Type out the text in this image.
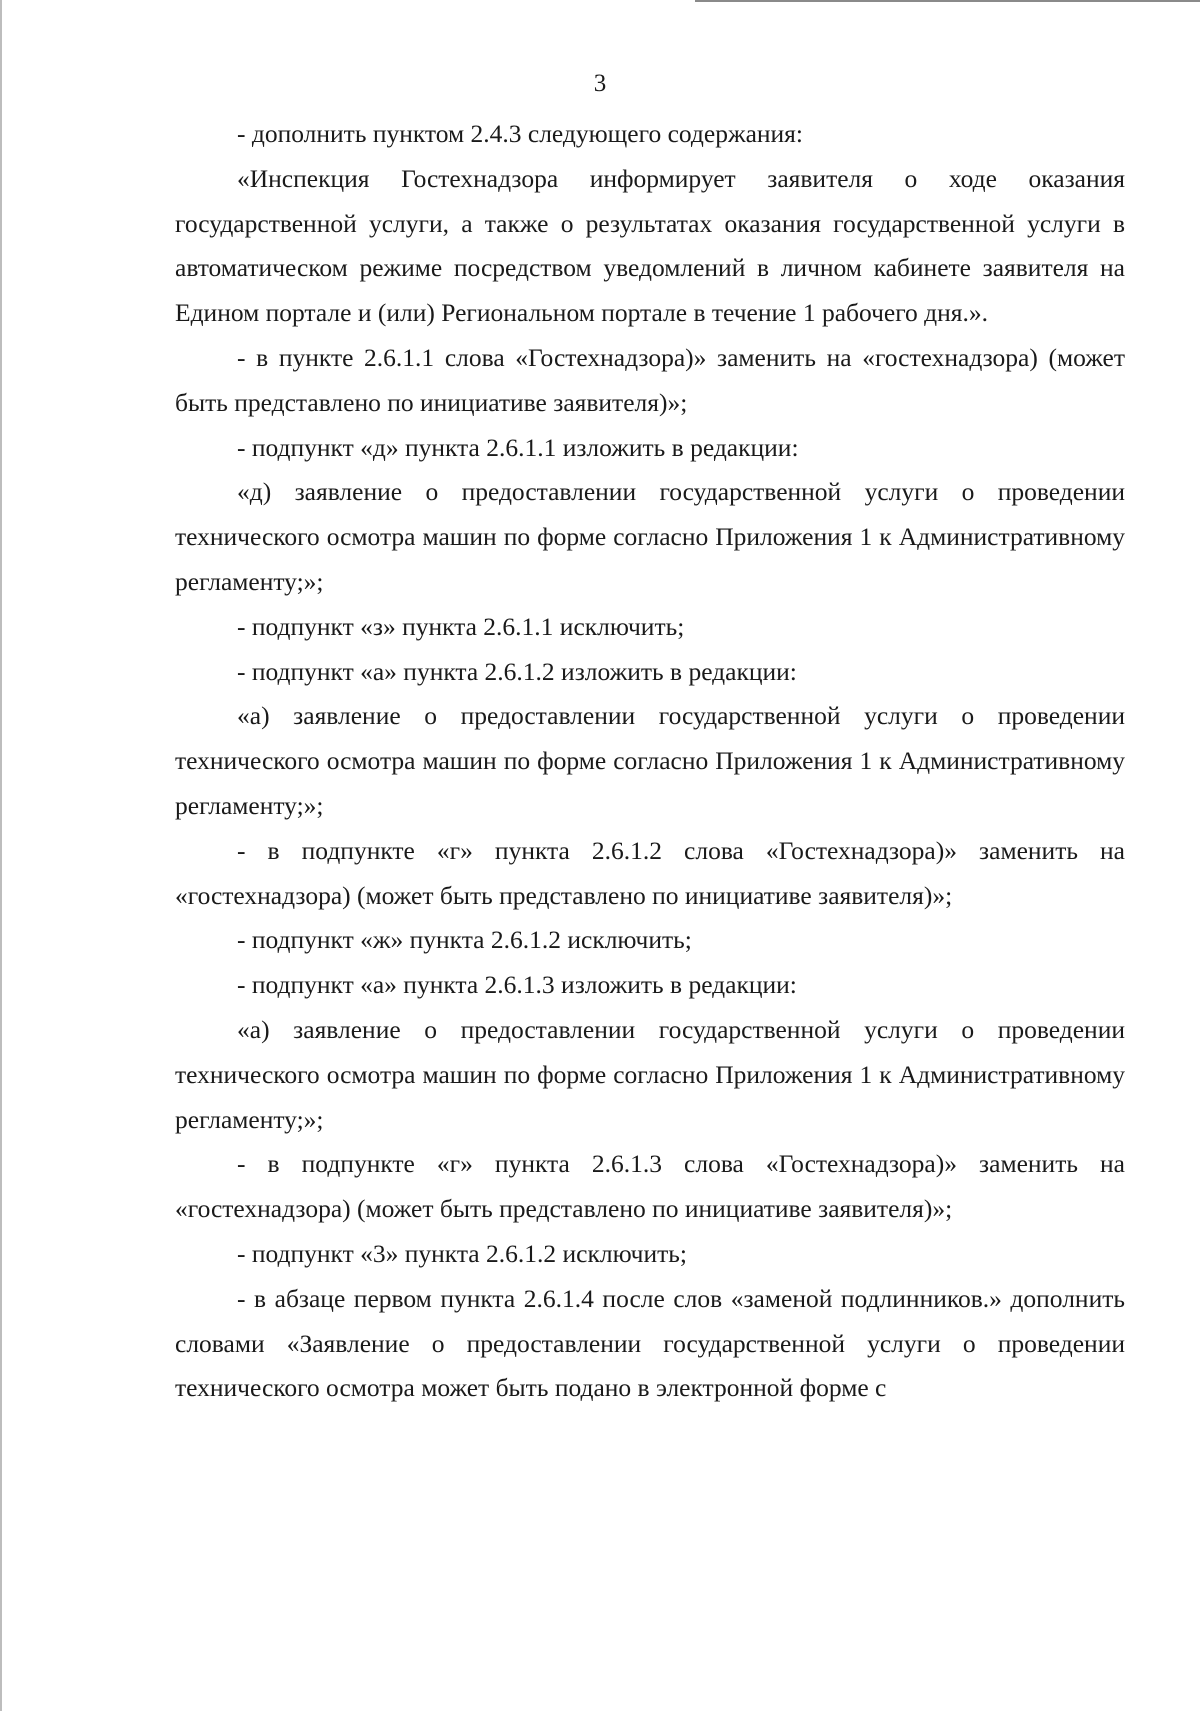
3

- дополнить пунктом 2.4.3 следующего содержания:

«Инспекция Гостехнадзора информирует заявителя о ходе оказания государственной услуги, а также о результатах оказания государственной услуги в автоматическом режиме посредством уведомлений в личном кабинете заявителя на Едином портале и (или) Региональном портале в течение 1 рабочего дня.».

- в пункте 2.6.1.1 слова «Гостехнадзора)» заменить на «гостехнадзора) (может быть представлено по инициативе заявителя)»;

- подпункт «д» пункта 2.6.1.1 изложить в редакции:

«д) заявление о предоставлении государственной услуги о проведении технического осмотра машин по форме согласно Приложения 1 к Административному регламенту;»;

- подпункт «з» пункта 2.6.1.1 исключить;

- подпункт «а» пункта 2.6.1.2 изложить в редакции:

«а) заявление о предоставлении государственной услуги о проведении технического осмотра машин по форме согласно Приложения 1 к Административному регламенту;»;

- в подпункте «г» пункта 2.6.1.2 слова «Гостехнадзора)» заменить на «гостехнадзора) (может быть представлено по инициативе заявителя)»;

- подпункт «ж» пункта 2.6.1.2 исключить;

- подпункт «а» пункта 2.6.1.3 изложить в редакции:

«а) заявление о предоставлении государственной услуги о проведении технического осмотра машин по форме согласно Приложения 1 к Административному регламенту;»;

- в подпункте «г» пункта 2.6.1.3 слова «Гостехнадзора)» заменить на «гостехнадзора) (может быть представлено по инициативе заявителя)»;

- подпункт «3» пункта 2.6.1.2 исключить;

- в абзаце первом пункта 2.6.1.4 после слов «заменой подлинников.» дополнить словами «Заявление о предоставлении государственной услуги о проведении технического осмотра может быть подано в электронной форме с
